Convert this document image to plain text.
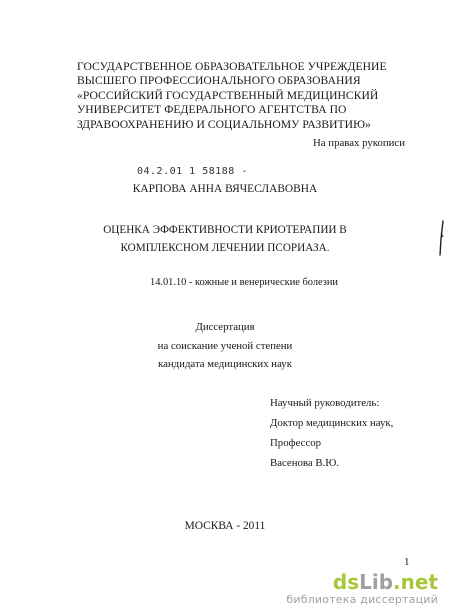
ГОСУДАРСТВЕННОЕ ОБРАЗОВАТЕЛЬНОЕ УЧРЕЖДЕНИЕ
ВЫСШЕГО ПРОФЕССИОНАЛЬНОГО ОБРАЗОВАНИЯ
«РОССИЙСКИЙ ГОСУДАРСТВЕННЫЙ МЕДИЦИНСКИЙ
УНИВЕРСИТЕТ ФЕДЕРАЛЬНОГО АГЕНТСТВА ПО
ЗДРАВООХРАНЕНИЮ И СОЦИАЛЬНОМУ РАЗВИТИЮ»
На правах рукописи
04.2.01 1 58188 -
КАРПОВА АННА ВЯЧЕСЛАВОВНА
ОЦЕНКА ЭФФЕКТИВНОСТИ КРИОТЕРАПИИ В
КОМПЛЕКСНОМ ЛЕЧЕНИИ ПСОРИАЗА.
14.01.10 - кожные и венерические болезни
Диссертация
на соискание ученой степени
кандидата медицинских наук
Научный руководитель:
Доктор медицинских наук,
Профессор
Васенова В.Ю.
МОСКВА - 2011
1
dsLib.net
библиотека диссертаций
